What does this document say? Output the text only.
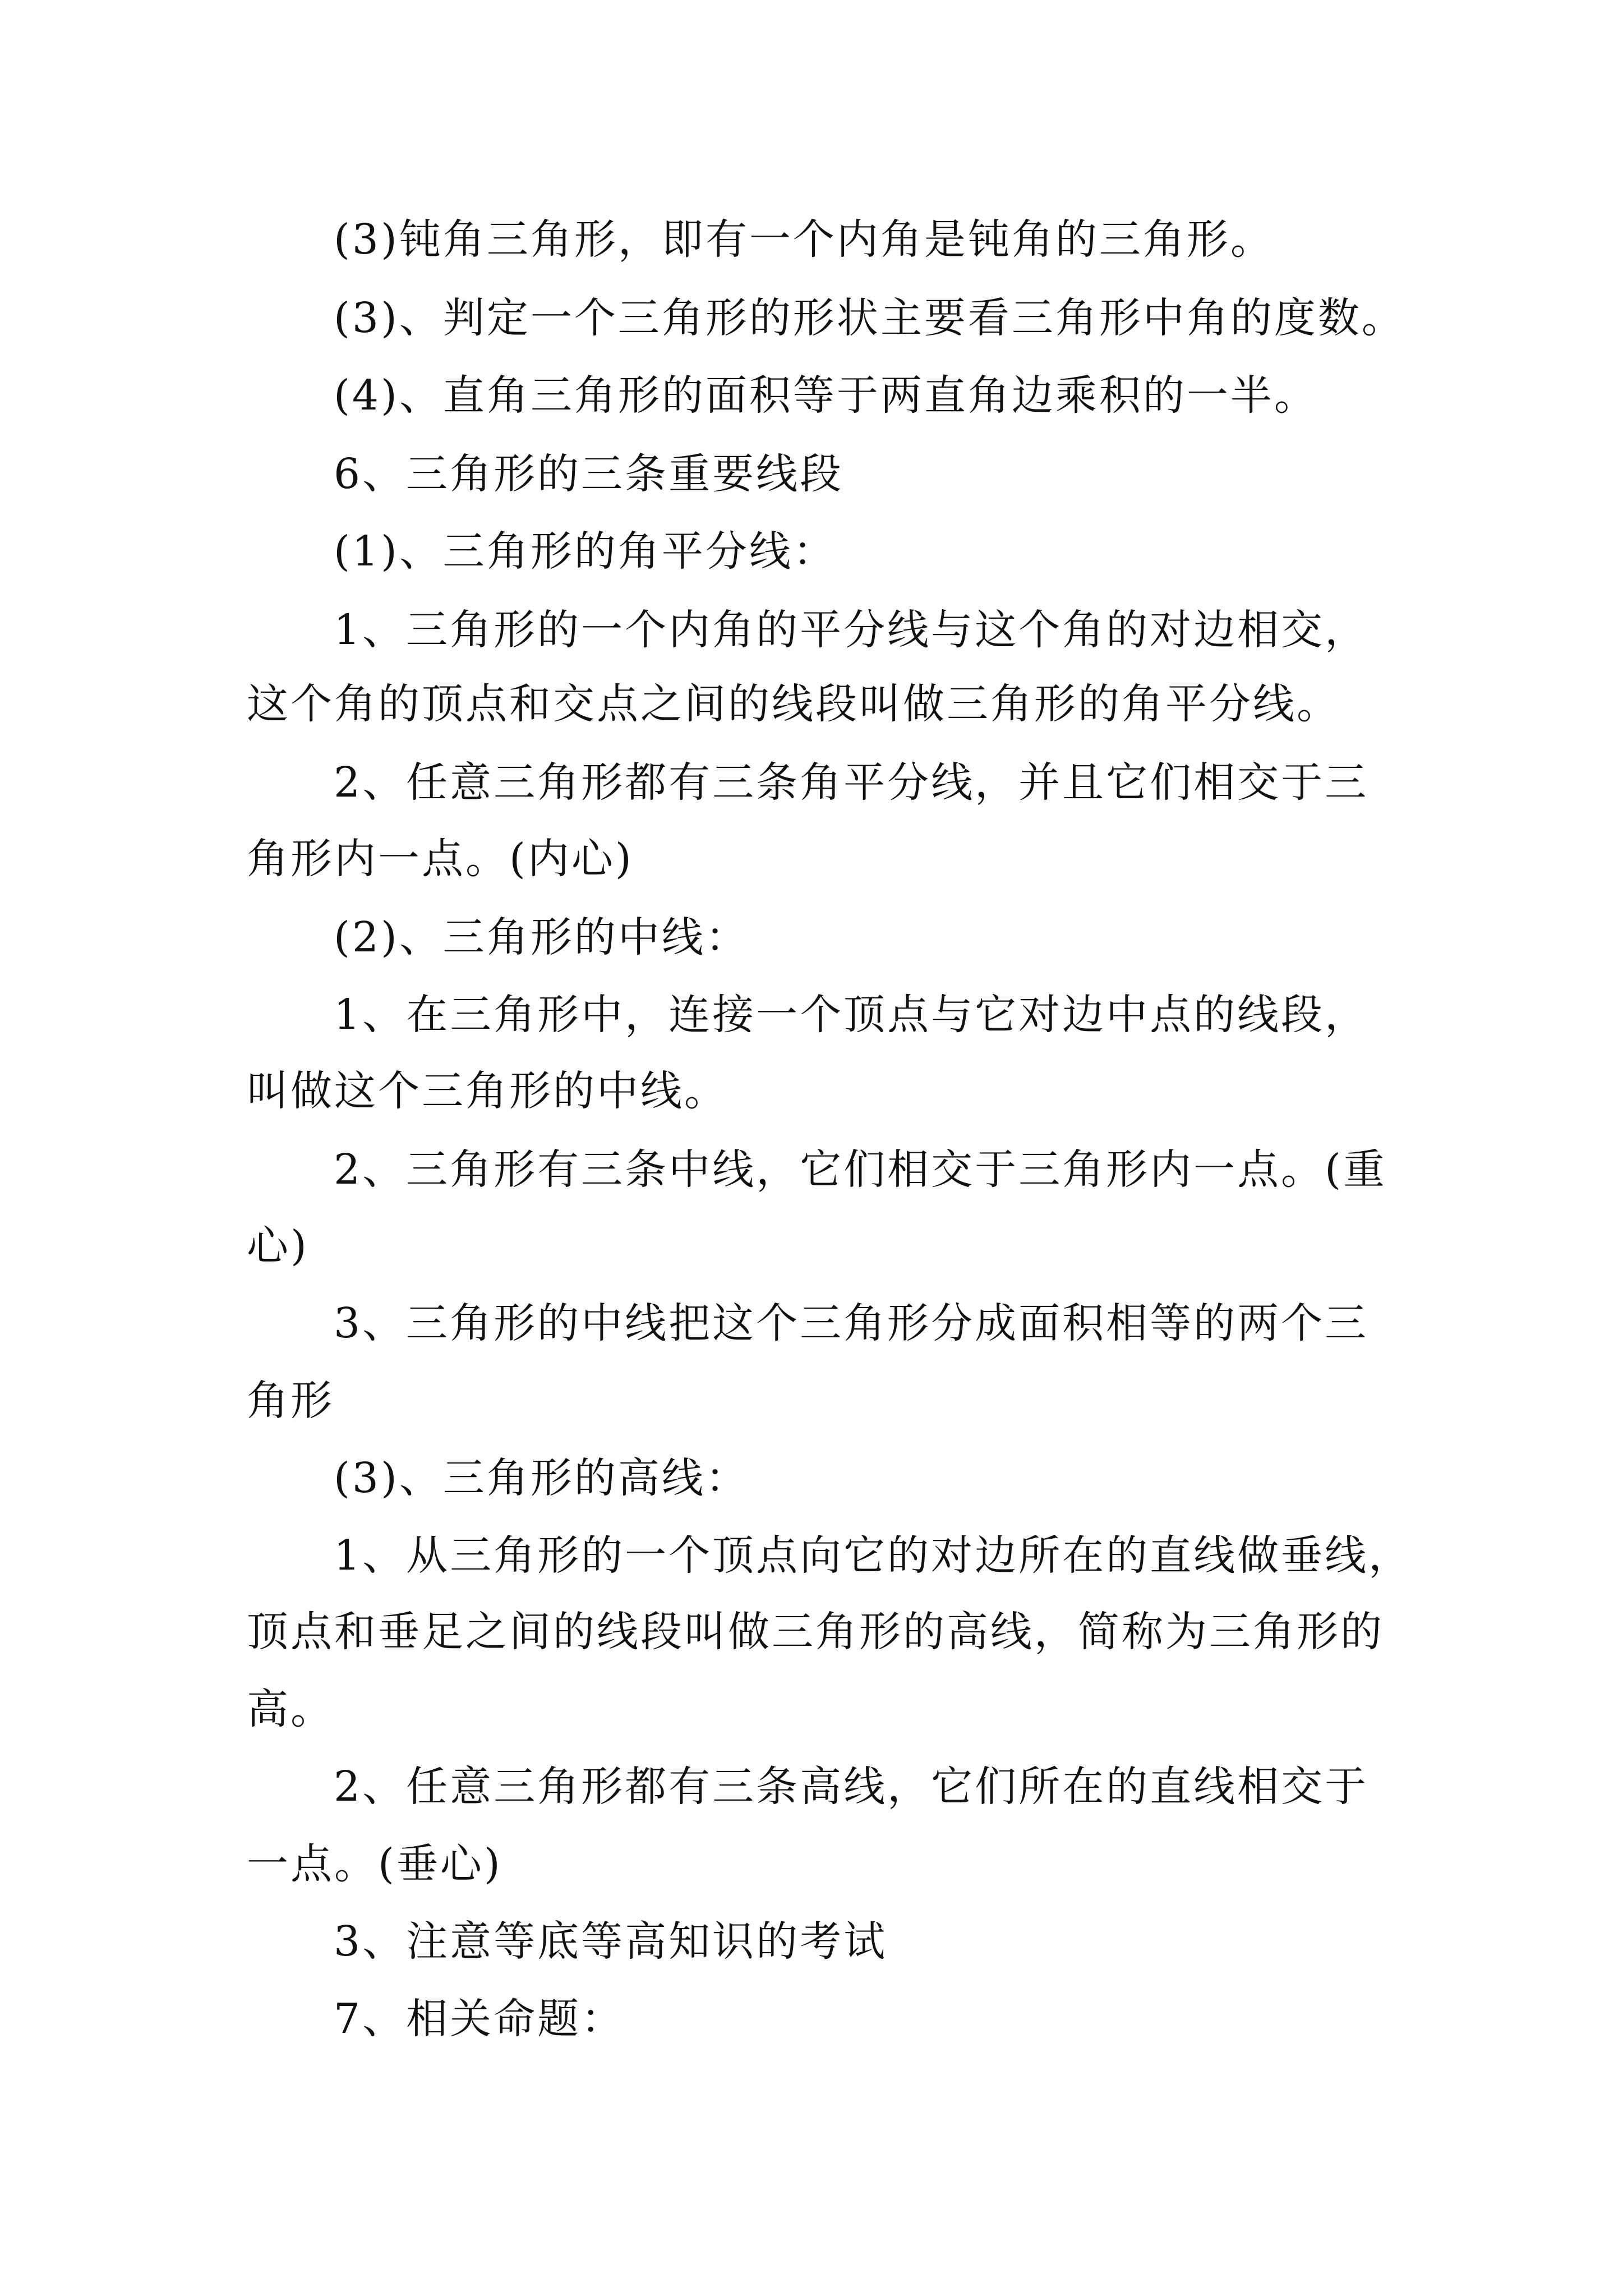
(3)钝角三角形，即有一个内角是钝角的三角形。
(3)、判定一个三角形的形状主要看三角形中角的度数。
(4)、直角三角形的面积等于两直角边乘积的一半。
6、三角形的三条重要线段
(1)、三角形的角平分线：
1、三角形的一个内角的平分线与这个角的对边相交，
这个角的顶点和交点之间的线段叫做三角形的角平分线。
2、任意三角形都有三条角平分线，并且它们相交于三
角形内一点。(内心)
(2)、三角形的中线：
1、在三角形中，连接一个顶点与它对边中点的线段，
叫做这个三角形的中线。
2、三角形有三条中线，它们相交于三角形内一点。(重
心)
3、三角形的中线把这个三角形分成面积相等的两个三
角形
(3)、三角形的高线：
1、从三角形的一个顶点向它的对边所在的直线做垂线，
顶点和垂足之间的线段叫做三角形的高线，简称为三角形的
高。
2、任意三角形都有三条高线，它们所在的直线相交于
一点。(垂心)
3、注意等底等高知识的考试
7、相关命题：
